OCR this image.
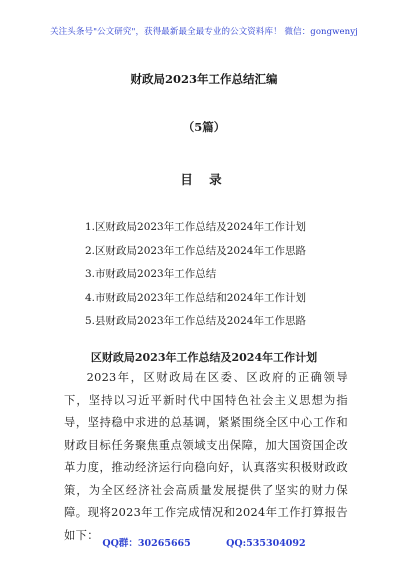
关注头条号"公文研究"，获得最新最全最专业的公文资料库！ 微信：gongwenyj
财政局2023年工作总结汇编
（5篇）
目 录
1.区财政局2023年工作总结及2024年工作计划
2.区财政局2023年工作总结及2024年工作思路
3.市财政局2023年工作总结
4.市财政局2023年工作总结和2024年工作计划
5.县财政局2023年工作总结及2024年工作思路
区财政局2023年工作总结及2024年工作计划

2023年，区财政局在区委、区政府的正确领导下，坚持以习近平新时代中国特色社会主义思想为指导，坚持稳中求进的总基调，紧紧围绕全区中心工作和财政目标任务聚焦重点领域支出保障，加大国资国企改革力度，推动经济运行向稳向好，认真落实积极财政政策，为全区经济社会高质量发展提供了坚实的财力保障。现将2023年工作完成情况和2024年工作打算报告如下：

QQ群：30265665	QQ:535304092
